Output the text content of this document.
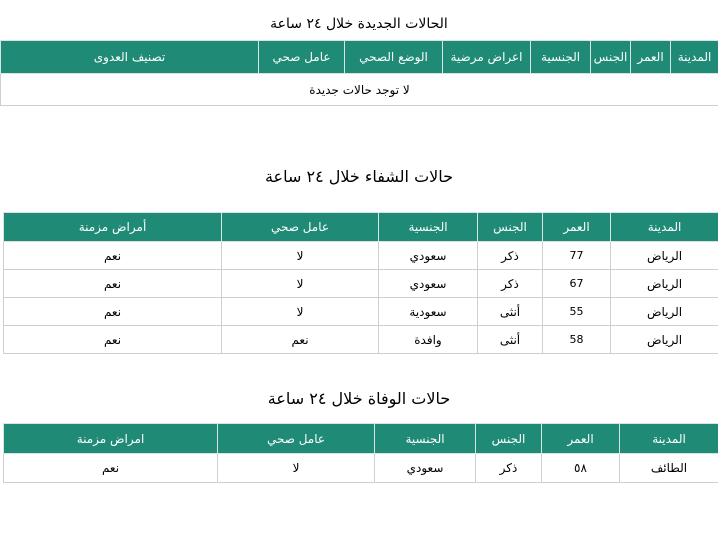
الحالات الجديدة خلال ٢٤ ساعة
المدينة	العمر	الجنس	الجنسية	اعراض مرضية	الوضع الصحي	عامل صحي	تصنيف العدوى
لا توجد حالات جديدة
حالات الشفاء خلال ٢٤ ساعة
المدينة	العمر	الجنس	الجنسية	عامل صحي	أمراض مزمنة
الرياض	77	ذكر	سعودي	لا	نعم
الرياض	67	ذكر	سعودي	لا	نعم
الرياض	55	أنثى	سعودية	لا	نعم
الرياض	58	أنثى	وافدة	نعم	نعم
حالات الوفاة خلال ٢٤ ساعة
المدينة	العمر	الجنس	الجنسية	عامل صحي	امراض مزمنة
الطائف	٥٨	ذكر	سعودي	لا	نعم
